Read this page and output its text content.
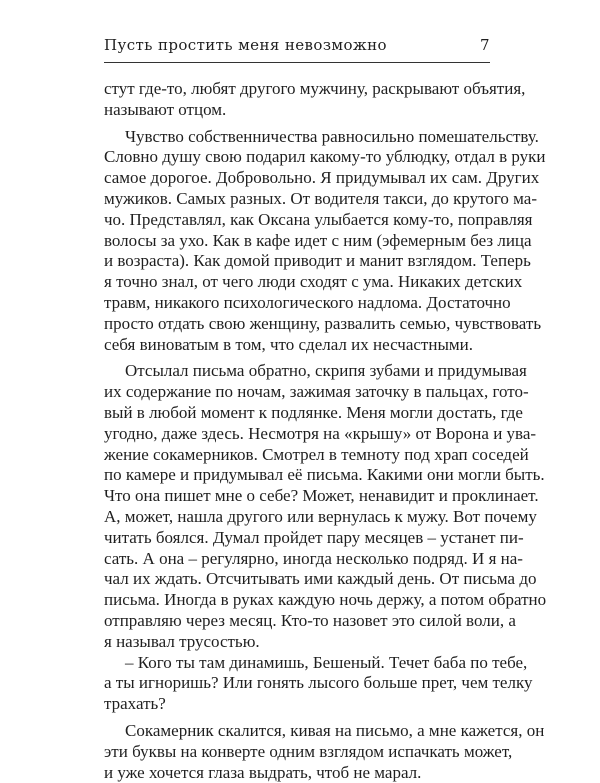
Пусть простить меня невозможно	7
стут где-то, любят другого мужчину, раскрывают объятия,
называют отцом.
Чувство собственничества равносильно помешательству.
Словно душу свою подарил какому-то ублюдку, отдал в руки
самое дорогое. Добровольно. Я придумывал их сам. Других
мужиков. Самых разных. От водителя такси, до крутого ма-
чо. Представлял, как Оксана улыбается кому-то, поправляя
волосы за ухо. Как в кафе идет с ним (эфемерным без лица
и возраста). Как домой приводит и манит взглядом. Теперь
я точно знал, от чего люди сходят с ума. Никаких детских
травм, никакого психологического надлома. Достаточно
просто отдать свою женщину, развалить семью, чувствовать
себя виноватым в том, что сделал их несчастными.
Отсылал письма обратно, скрипя зубами и придумывая
их содержание по ночам, зажимая заточку в пальцах, гото-
вый в любой момент к подлянке. Меня могли достать, где
угодно, даже здесь. Несмотря на «крышу» от Ворона и ува-
жение сокамерников. Смотрел в темноту под храп соседей
по камере и придумывал её письма. Какими они могли быть.
Что она пишет мне о себе? Может, ненавидит и проклинает.
А, может, нашла другого или вернулась к мужу. Вот почему
читать боялся. Думал пройдет пару месяцев – устанет пи-
сать. А она – регулярно, иногда несколько подряд. И я на-
чал их ждать. Отсчитывать ими каждый день. От письма до
письма. Иногда в руках каждую ночь держу, а потом обратно
отправляю через месяц. Кто-то назовет это силой воли, а
я называл трусостью.
– Кого ты там динамишь, Бешеный. Течет баба по тебе,
а ты игноришь? Или гонять лысого больше прет, чем телку
трахать?
Сокамерник скалится, кивая на письмо, а мне кажется, он
эти буквы на конверте одним взглядом испачкать может,
и уже хочется глаза выдрать, чтоб не марал.
